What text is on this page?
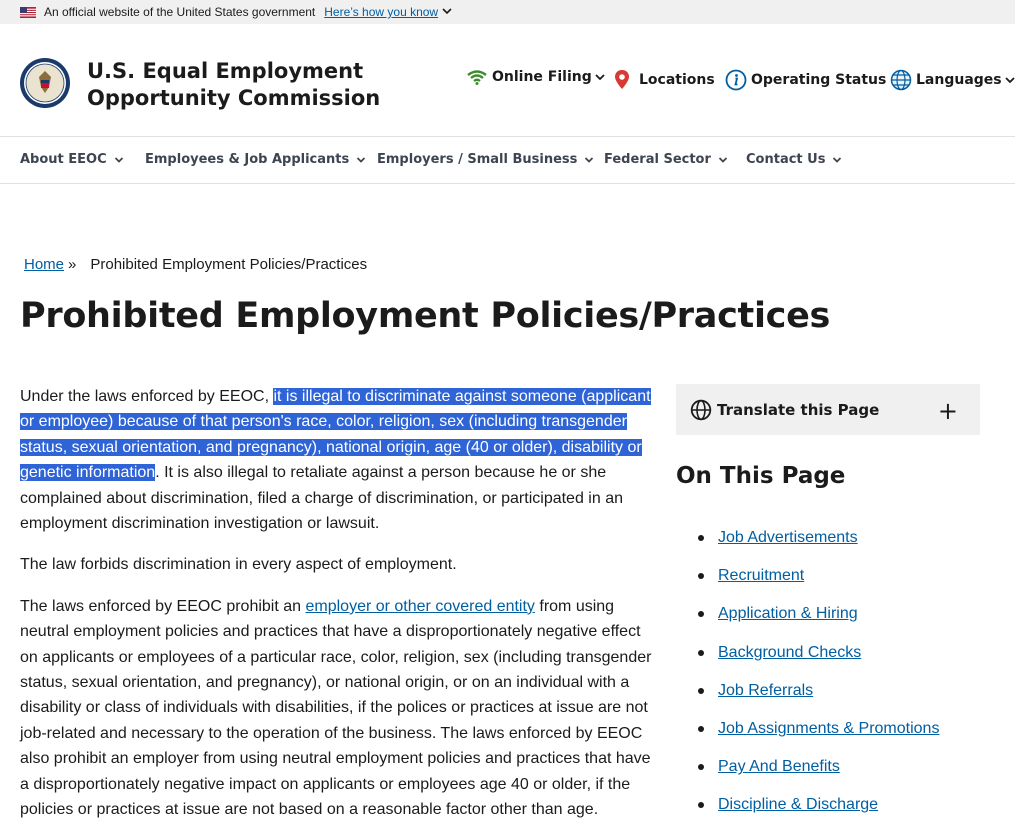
An official website of the United States government Here’s how you know
U.S. Equal Employment
Opportunity Commission
Online Filing	Locations	Operating Status Languages
About EEOC	Employees & Job Applicants Employers / Small Business Federal Sector	Contact Us
Home » Prohibited Employment Policies/Practices
Prohibited Employment Policies/Practices

Under the laws enforced by EEOC, it is illegal to discriminate against someone (applicant or employee) because of that person's race, color, religion, sex (including transgender status, sexual orientation, and pregnancy), national origin, age (40 or older), disability or genetic information. It is also illegal to retaliate against a person because he or she complained about discrimination, filed a charge of discrimination, or participated in an employment discrimination investigation or lawsuit.

The law forbids discrimination in every aspect of employment.

The laws enforced by EEOC prohibit an employer or other covered entity from using neutral employment policies and practices that have a disproportionately negative effect on applicants or employees of a particular race, color, religion, sex (including transgender status, sexual orientation, and pregnancy), or national origin, or on an individual with a disability or class of individuals with disabilities, if the polices or practices at issue are not job-related and necessary to the operation of the business. The laws enforced by EEOC also prohibit an employer from using neutral employment policies and practices that have a disproportionately negative impact on applicants or employees age 40 or older, if the policies or practices at issue are not based on a reasonable factor other than age.

Translate this Page +
On This Page
Job Advertisements
Recruitment
Application & Hiring
Background Checks
Job Referrals
Job Assignments & Promotions
Pay And Benefits
Discipline & Discharge
